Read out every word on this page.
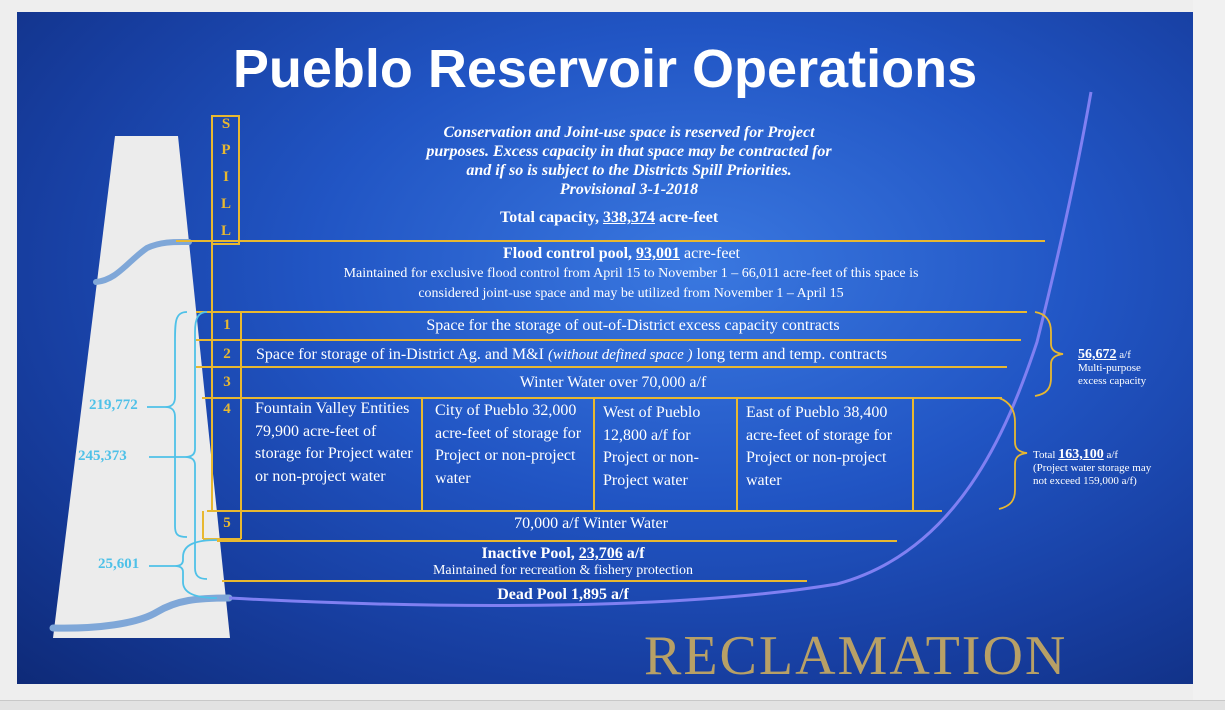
Pueblo Reservoir Operations
Conservation and Joint-use space is reserved for Project
purposes. Excess capacity in that space may be contracted for
and if so is subject to the Districts Spill Priorities.
Provisional 3-1-2018
S
P
I
L
L
Total capacity, 338,374 acre-feet
Flood control pool, 93,001 acre-feet
Maintained for exclusive flood control from April 15 to November 1 – 66,011 acre-feet of this space is
considered joint-use space and may be utilized from November 1 – April 15
1
2
3
4
5
Space for the storage of out-of-District excess capacity contracts
Space for storage of in-District Ag. and M&I (without defined space ) long term and temp. contracts
Winter Water over 70,000 a/f
Fountain Valley Entities 79,900 acre-feet of storage for Project water or non-project water
City of Pueblo 32,000 acre-feet of storage for Project or non-project water
West of Pueblo 12,800 a/f for Project or non-Project water
East of Pueblo 38,400 acre-feet of storage for Project or non-project water
70,000 a/f Winter Water
Inactive Pool, 23,706 a/f
Maintained for recreation & fishery protection
Dead Pool 1,895 a/f
219,772
245,373
25,601
56,672 a/f
Multi-purpose
excess capacity
Total 163,100 a/f
(Project water storage may
not exceed 159,000 a/f)
RECLAMATION
